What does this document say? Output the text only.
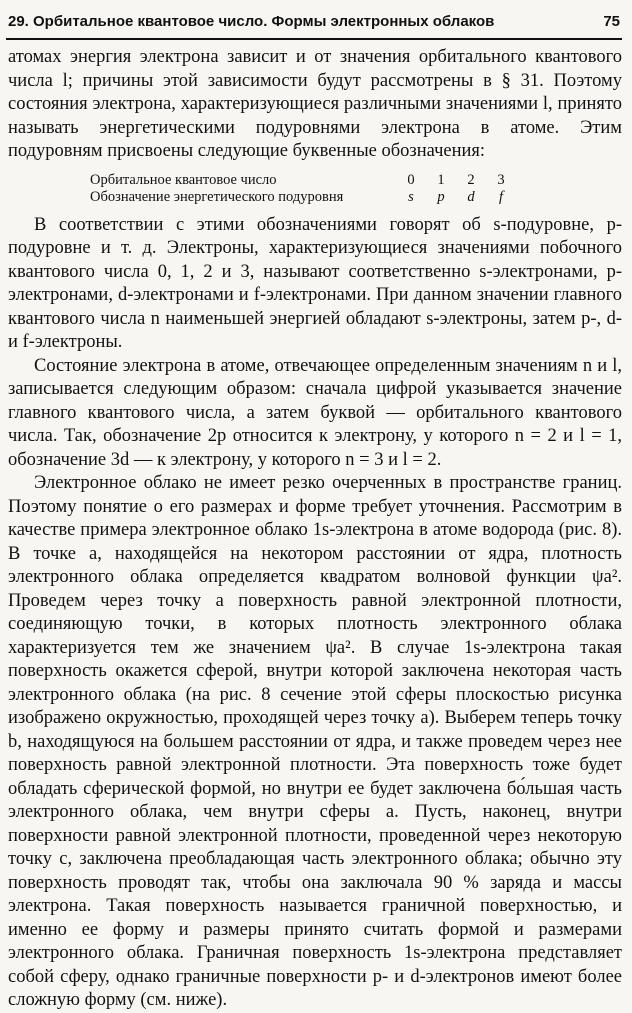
29. Орбитальное квантовое число. Формы электронных облаков	75

атомах энергия электрона зависит и от значения орбитального квантового числа l; причины этой зависимости будут рассмотрены в § 31. Поэтому состояния электрона, характеризующиеся различными значениями l, принято называть энергетическими подуровнями электрона в атоме. Этим подуровням присвоены следующие буквенные обозначения:

Орбитальное квантовое число	0	1	2	3
Обозначение энергетического подуровня	s	p	d	f

В соответствии с этими обозначениями говорят об s-подуровне, p-подуровне и т. д. Электроны, характеризующиеся значениями побочного квантового числа 0, 1, 2 и 3, называют соответственно s-электронами, p-электронами, d-электронами и f-электронами. При данном значении главного квантового числа n наименьшей энергией обладают s-электроны, затем p-, d- и f-электроны.

Состояние электрона в атоме, отвечающее определенным значениям n и l, записывается следующим образом: сначала цифрой указывается значение главного квантового числа, а затем буквой — орбитального квантового числа. Так, обозначение 2p относится к электрону, у которого n = 2 и l = 1, обозначение 3d — к электрону, у которого n = 3 и l = 2.

Электронное облако не имеет резко очерченных в пространстве границ. Поэтому понятие о его размерах и форме требует уточнения. Рассмотрим в качестве примера электронное облако 1s-электрона в атоме водорода (рис. 8). В точке a, находящейся на некотором расстоянии от ядра, плотность электронного облака определяется квадратом волновой функции ψa². Проведем через точку a поверхность равной электронной плотности, соединяющую точки, в которых плотность электронного облака характеризуется тем же значением ψa². В случае 1s-электрона такая поверхность окажется сферой, внутри которой заключена некоторая часть электронного облака (на рис. 8 сечение этой сферы плоскостью рисунка изображено окружностью, проходящей через точку a). Выберем теперь точку b, находящуюся на большем расстоянии от ядра, и также проведем через нее поверхность равной электронной плотности. Эта поверхность тоже будет обладать сферической формой, но внутри ее будет заключена бо́льшая часть электронного облака, чем внутри сферы a. Пусть, наконец, внутри поверхности равной электронной плотности, проведенной через некоторую точку c, заключена преобладающая часть электронного облака; обычно эту поверхность проводят так, чтобы она заключала 90 % заряда и массы электрона. Такая поверхность называется граничной поверхностью, и именно ее форму и размеры принято считать формой и размерами электронного облака. Граничная поверхность 1s-электрона представляет собой сферу, однако граничные поверхности p- и d-электронов имеют более сложную форму (см. ниже).
